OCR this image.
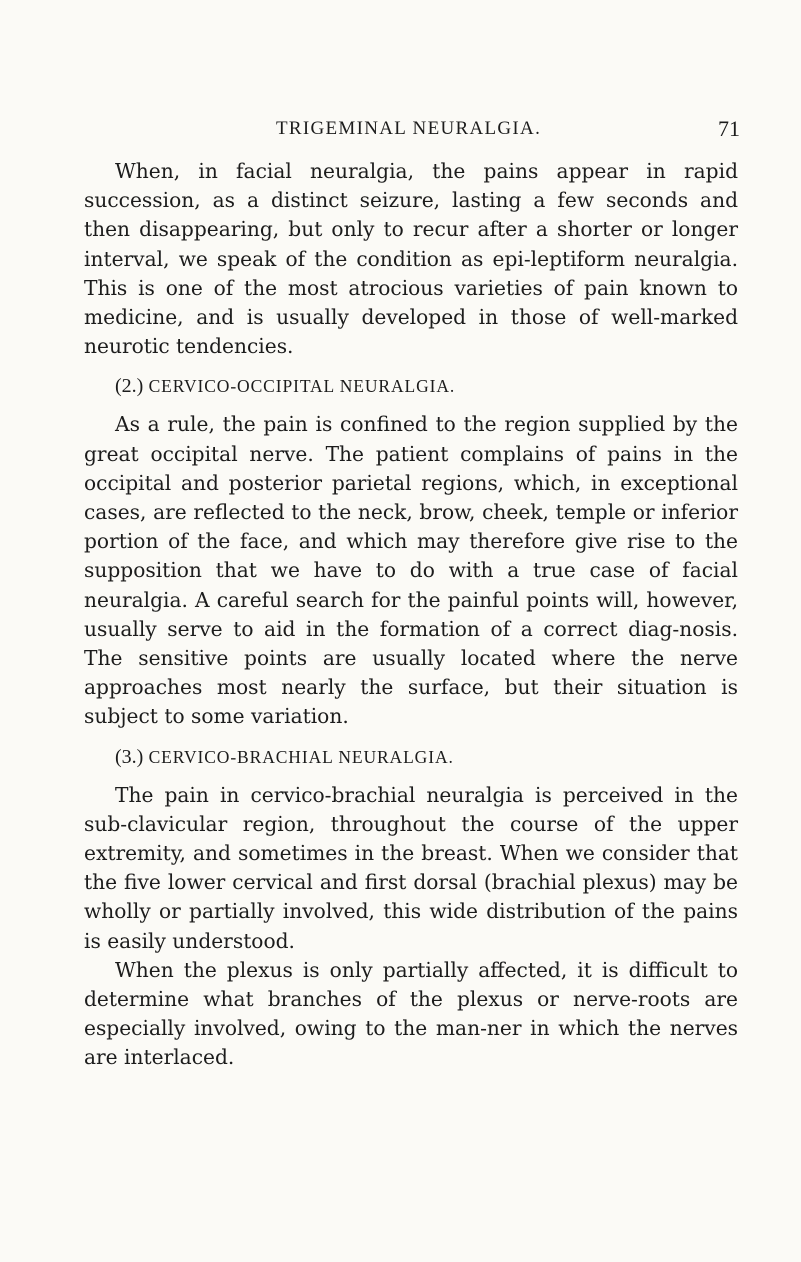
TRIGEMINAL NEURALGIA.	71

When, in facial neuralgia, the pains appear in rapid succession, as a distinct seizure, lasting a few seconds and then disappearing, but only to recur after a shorter or longer interval, we speak of the condition as epi-leptiform neuralgia. This is one of the most atrocious varieties of pain known to medicine, and is usually developed in those of well-marked neurotic tendencies.

(2.) CERVICO-OCCIPITAL NEURALGIA.

As a rule, the pain is confined to the region supplied by the great occipital nerve. The patient complains of pains in the occipital and posterior parietal regions, which, in exceptional cases, are reflected to the neck, brow, cheek, temple or inferior portion of the face, and which may therefore give rise to the supposition that we have to do with a true case of facial neuralgia. A careful search for the painful points will, however, usually serve to aid in the formation of a correct diag-nosis. The sensitive points are usually located where the nerve approaches most nearly the surface, but their situation is subject to some variation.

(3.) CERVICO-BRACHIAL NEURALGIA.

The pain in cervico-brachial neuralgia is perceived in the sub-clavicular region, throughout the course of the upper extremity, and sometimes in the breast. When we consider that the five lower cervical and first dorsal (brachial plexus) may be wholly or partially involved, this wide distribution of the pains is easily understood.

When the plexus is only partially affected, it is difficult to determine what branches of the plexus or nerve-roots are especially involved, owing to the man-ner in which the nerves are interlaced.
